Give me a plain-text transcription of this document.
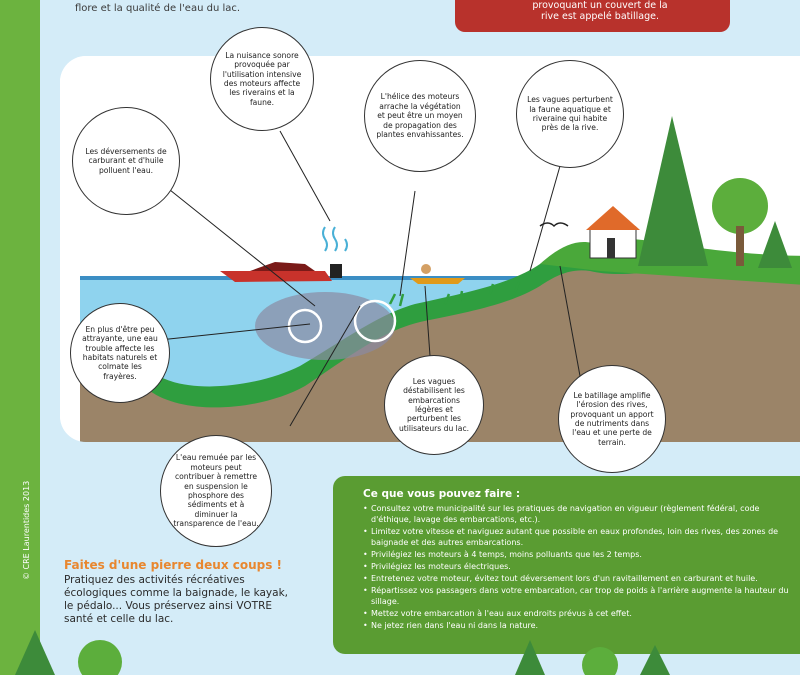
© CRE Laurentides 2013
flore et la qualité de l'eau du lac.	provoquant un couvert de la rive est appelé batillage.
La nuisance sonore provoquée par l'utilisation intensive des moteurs affecte les riverains et la faune.
Les déversements de carburant et d'huile polluent l'eau.
L'hélice des moteurs arrache la végétation et peut être un moyen de propagation des plantes envahissantes.
Les vagues perturbent la faune aquatique et riveraine qui habite près de la rive.
En plus d'être peu attrayante, une eau trouble affecte les habitats naturels et colmate les frayères.
Les vagues déstabilisent les embarcations légères et perturbent les utilisateurs du lac.
Le batillage amplifie l'érosion des rives, provoquant un apport de nutriments dans l'eau et une perte de terrain.
L'eau remuée par les moteurs peut contribuer à remettre en suspension le phosphore des sédiments et à diminuer la transparence de l'eau.
Ce que vous pouvez faire :
• Consultez votre municipalité sur les pratiques de navigation en vigueur (règlement fédéral, code d'éthique, lavage des embarcations, etc.).
• Limitez votre vitesse et naviguez autant que possible en eaux profondes, loin des rives, des zones de baignade et des autres embarcations.
• Privilégiez les moteurs à 4 temps, moins polluants que les 2 temps.
• Privilégiez les moteurs électriques.
• Entretenez votre moteur, évitez tout déversement lors d'un ravitaillement en carburant et huile.
• Répartissez vos passagers dans votre embarcation, car trop de poids à l'arrière augmente la hauteur du sillage.
• Mettez votre embarcation à l'eau aux endroits prévus à cet effet.
• Ne jetez rien dans l'eau ni dans la nature.
Faites d'une pierre deux coups !
Pratiquez des activités récréatives écologiques comme la baignade, le kayak, le pédalo... Vous préservez ainsi VOTRE santé et celle du lac.
